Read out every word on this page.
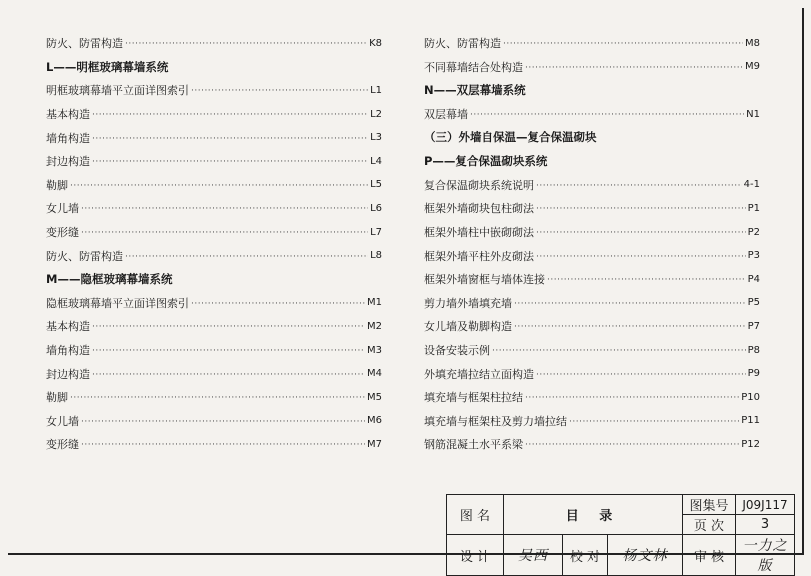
防火、防雷构造 ·····	K8
L——明框玻璃幕墙系统
明框玻璃幕墙平立面详图索引 ·····	L1
基本构造 ·····	L2
墙角构造 ·····	L3
封边构造 ·····	L4
勒脚 ·····	L5
女儿墙 ·····	L6
变形缝 ·····	L7
防火、防雷构造 ·····	L8
M——隐框玻璃幕墙系统
隐框玻璃幕墙平立面详图索引 ·····	M1
基本构造 ·····	M2
墙角构造 ·····	M3
封边构造 ·····	M4
勒脚 ·····	M5
女儿墙 ·····	M6
变形缝 ·····	M7
防火、防雷构造 ·····	M8
不同幕墙结合处构造 ·····	M9
N——双层幕墙系统
双层幕墙 ·····	N1
（三）外墙自保温—复合保温砌块
P——复合保温砌块系统
复合保温砌块系统说明 ·····	4-1
框架外墙砌块包柱砌法 ·····	P1
框架外墙柱中嵌砌砌法 ·····	P2
框架外墙平柱外皮砌法 ·····	P3
框架外墙窗框与墙体连接 ·····	P4
剪力墙外墙填充墙 ·····	P5
女儿墙及勒脚构造 ·····	P7
设备安装示例 ·····	P8
外填充墙拉结立面构造 ·····	P9
填充墙与框架柱拉结 ·····	P10
填充墙与框架柱及剪力墙拉结 ·····	P11
钢筋混凝土水平系梁 ·····	P12
图 名	目 录			图集号	J09J117
				页 次	3
设 计	吴西	校 对	杨文林	审 核	一力之版
